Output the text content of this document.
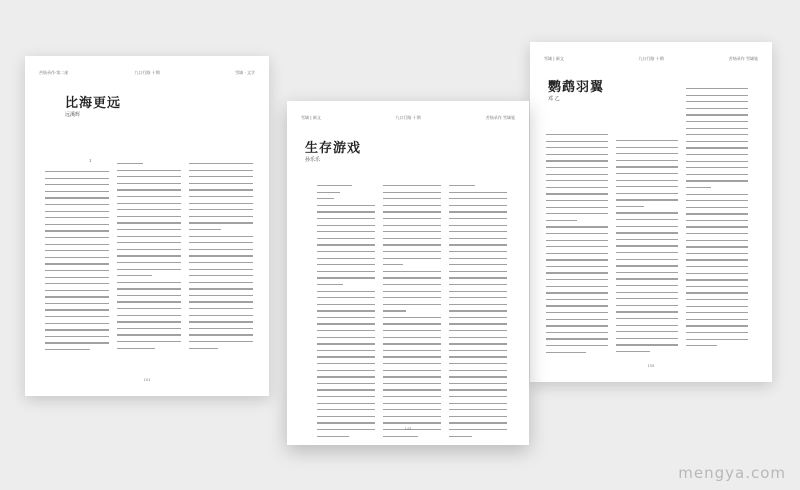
苦恼录作·第二部	九口行路 十期	雪域 · 文学
比海更远
远溪辉
1
101
雪域 | 新文	九口行路 十期	苦恼录作 雪域笔
生存游戏
孙乐乐
143
雪域 | 新文	九口行路 十期	苦恼录作 雪域笔
鹦鹉羽翼
邓 乙
155
mengya.com
